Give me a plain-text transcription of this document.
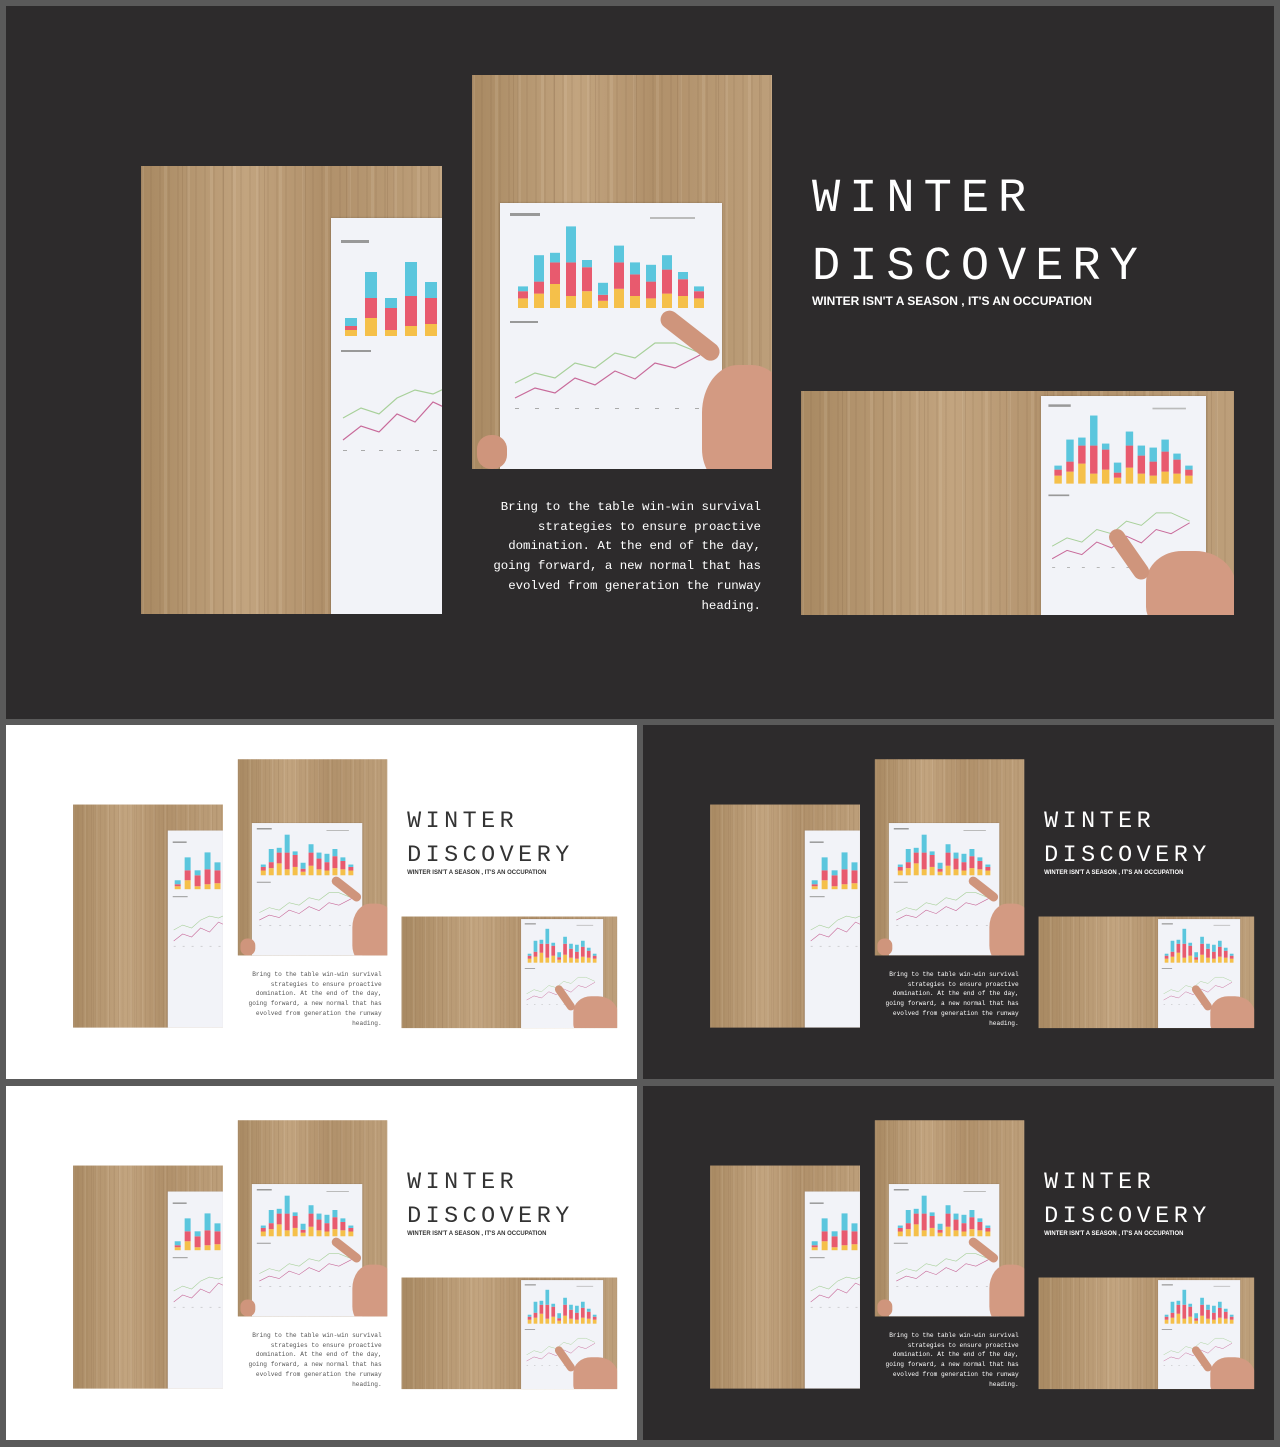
WINTER
DISCOVERY
WINTER ISN'T A SEASON , IT'S AN OCCUPATION
Bring to the table win-win survival strategies to ensure proactive domination. At the end of the day, going forward, a new normal that has evolved from generation the runway heading.
WINTER
DISCOVERY
WINTER ISN'T A SEASON , IT'S AN OCCUPATION
Bring to the table win-win survival strategies to ensure proactive domination. At the end of the day, going forward, a new normal that has evolved from generation the runway heading.
WINTER
DISCOVERY
WINTER ISN'T A SEASON , IT'S AN OCCUPATION
Bring to the table win-win survival strategies to ensure proactive domination. At the end of the day, going forward, a new normal that has evolved from generation the runway heading.
WINTER
DISCOVERY
WINTER ISN'T A SEASON , IT'S AN OCCUPATION
Bring to the table win-win survival strategies to ensure proactive domination. At the end of the day, going forward, a new normal that has evolved from generation the runway heading.
WINTER
DISCOVERY
WINTER ISN'T A SEASON , IT'S AN OCCUPATION
Bring to the table win-win survival strategies to ensure proactive domination. At the end of the day, going forward, a new normal that has evolved from generation the runway heading.
